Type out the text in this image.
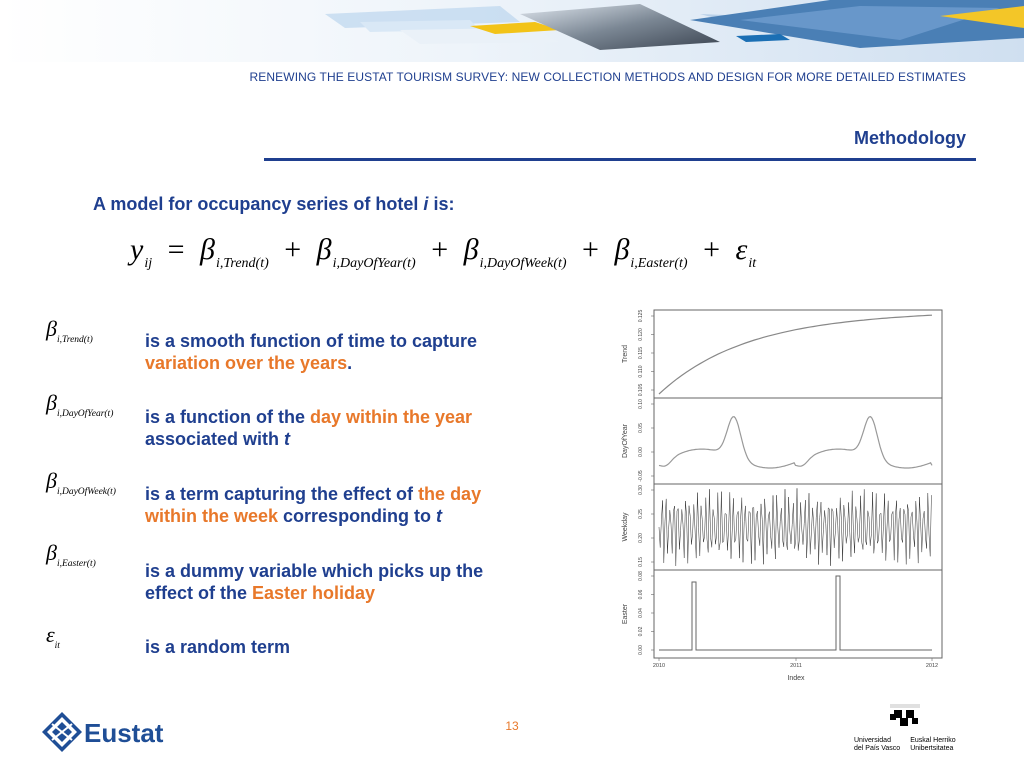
RENEWING THE EUSTAT TOURISM SURVEY: NEW COLLECTION METHODS AND DESIGN FOR MORE DETAILED ESTIMATES
Methodology
A model for occupancy series of hotel i is:
$y_{ij} = \beta_{i,Trend(t)} + \beta_{i,DayOfYear(t)} + \beta_{i,DayOfWeek(t)} + \beta_{i,Easter(t)} + \varepsilon_{it}$
$\beta_{i,Trend(t)}$	is a smooth function of time to capture
variation over the years.
$\beta_{i,DayOfYear(t)}$ is a function of the day within the year
associated with t
$\beta_{i,DayOfWeek(t)}$ is a term capturing the effect of the day
within the week corresponding to t
$\beta_{i,Easter(t)}$	is a dummy variable which picks up the
effect of the Easter holiday
$\varepsilon_{it}$	is a random term
Trend
0.125
0.120
0.115
0.110
0.105
DayOfYear
0.10
0.05
0.00
-0.05
Weekday
0.30
0.25
0.20
0.15
Easter
0.08
0.06
0.04
0.02
0.00
2010	2011	2012
Index
13
Eustat	Universidad
del País Vasco
Euskal Herriko
Unibertsitatea
